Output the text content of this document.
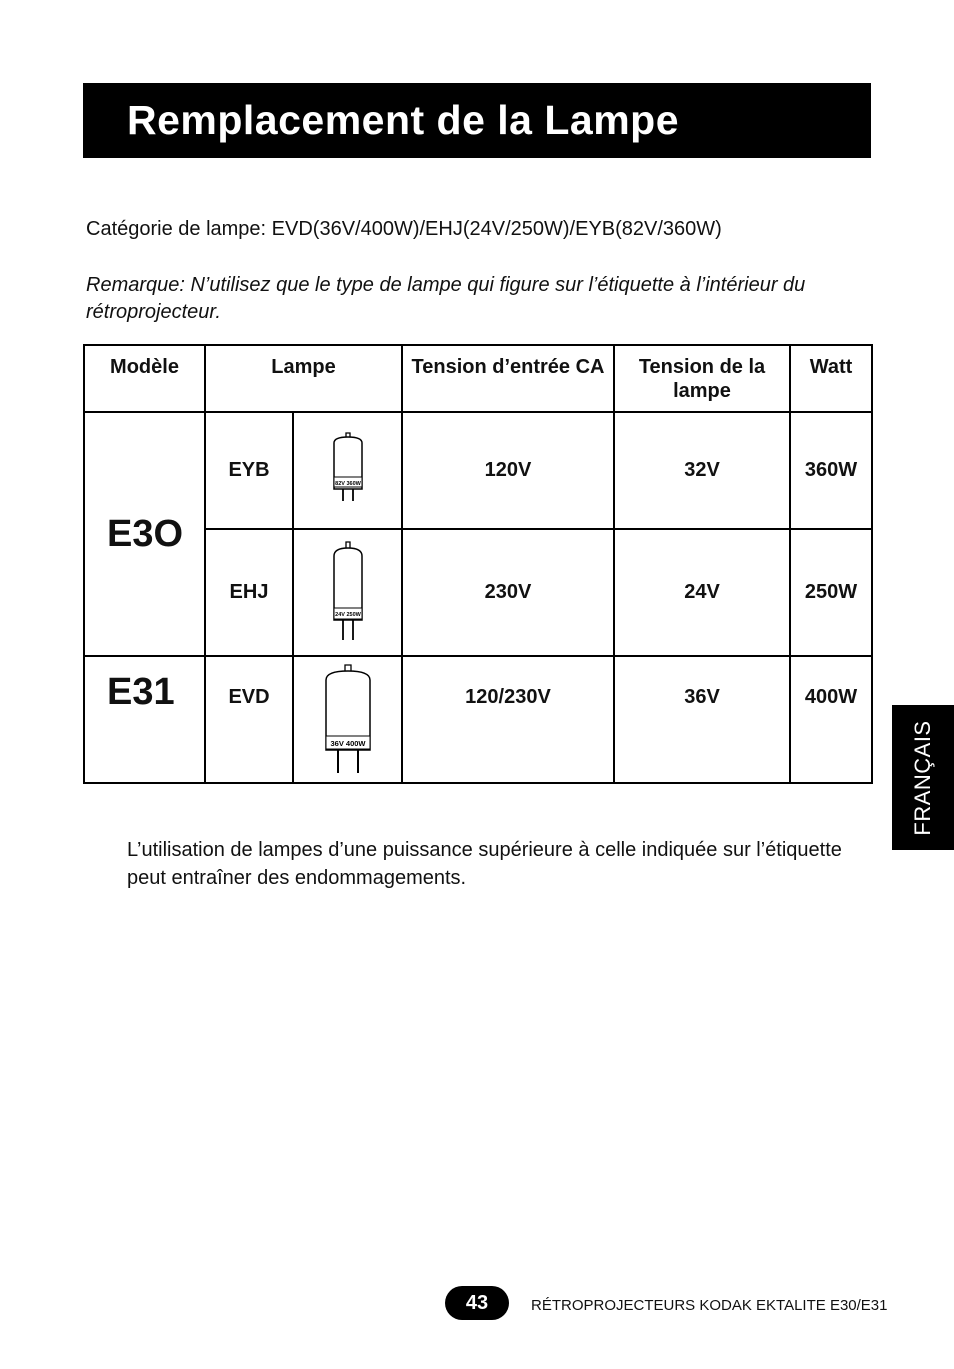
Remplacement de la Lampe
Catégorie de lampe: EVD(36V/400W)/EHJ(24V/250W)/EYB(82V/360W)
Remarque: N’utilisez que le type de lampe qui figure sur l’étiquette à l’intérieur du rétroprojecteur.
Modèle	Lampe		Tension d’entrée CA	Tension de la lampe	Watt
E3O	EYB	82V 360W	120V	32V	360W
	EHJ	24V 250W	230V	24V	250W
E31	EVD	36V 400W	120/230V	36V	400W
L’utilisation de lampes d’une puissance supérieure à celle indiquée sur l’étiquette peut entraîner des endommagements.
FRANÇAIS
43	RÉTROPROJECTEURS KODAK EKTALITE E30/E31
